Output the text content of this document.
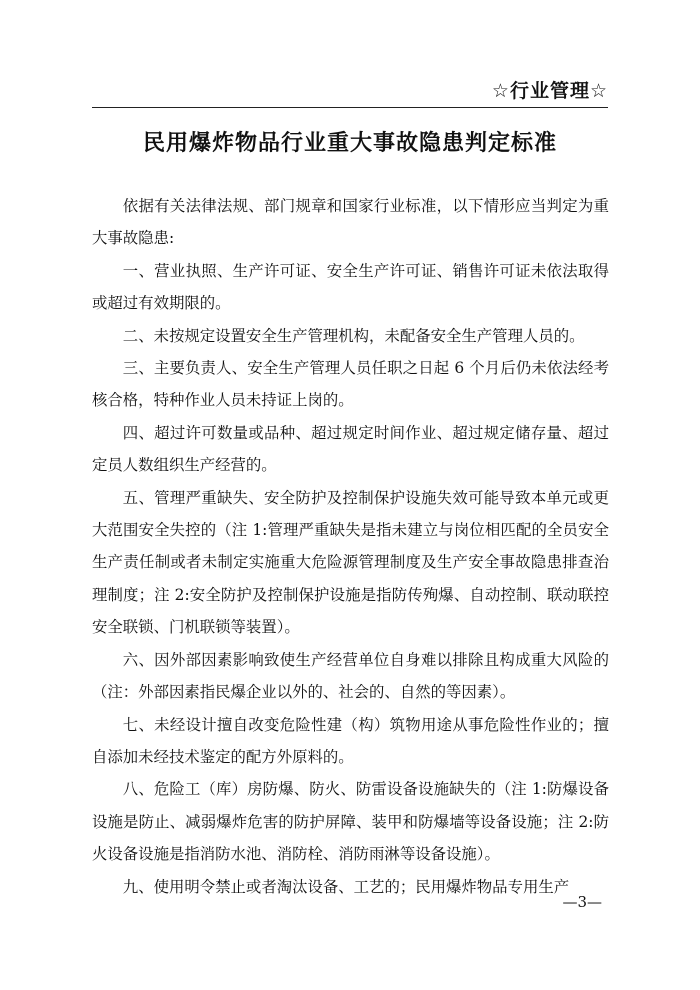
☆行业管理☆
民用爆炸物品行业重大事故隐患判定标准

依据有关法律法规、部门规章和国家行业标准，以下情形应当判定为重大事故隐患:

一、营业执照、生产许可证、安全生产许可证、销售许可证未依法取得或超过有效期限的。

二、未按规定设置安全生产管理机构，未配备安全生产管理人员的。

三、主要负责人、安全生产管理人员任职之日起 6 个月后仍未依法经考核合格，特种作业人员未持证上岗的。

四、超过许可数量或品种、超过规定时间作业、超过规定储存量、超过定员人数组织生产经营的。

五、管理严重缺失、安全防护及控制保护设施失效可能导致本单元或更大范围安全失控的（注 1:管理严重缺失是指未建立与岗位相匹配的全员安全生产责任制或者未制定实施重大危险源管理制度及生产安全事故隐患排查治理制度；注 2:安全防护及控制保护设施是指防传殉爆、自动控制、联动联控安全联锁、门机联锁等装置）。

六、因外部因素影响致使生产经营单位自身难以排除且构成重大风险的（注：外部因素指民爆企业以外的、社会的、自然的等因素）。

七、未经设计擅自改变危险性建（构）筑物用途从事危险性作业的；擅自添加未经技术鉴定的配方外原料的。

八、危险工（库）房防爆、防火、防雷设备设施缺失的（注 1:防爆设备设施是防止、减弱爆炸危害的防护屏障、装甲和防爆墙等设备设施；注 2:防火设备设施是指消防水池、消防栓、消防雨淋等设备设施）。

九、使用明令禁止或者淘汰设备、工艺的；民用爆炸物品专用生产

—3—
